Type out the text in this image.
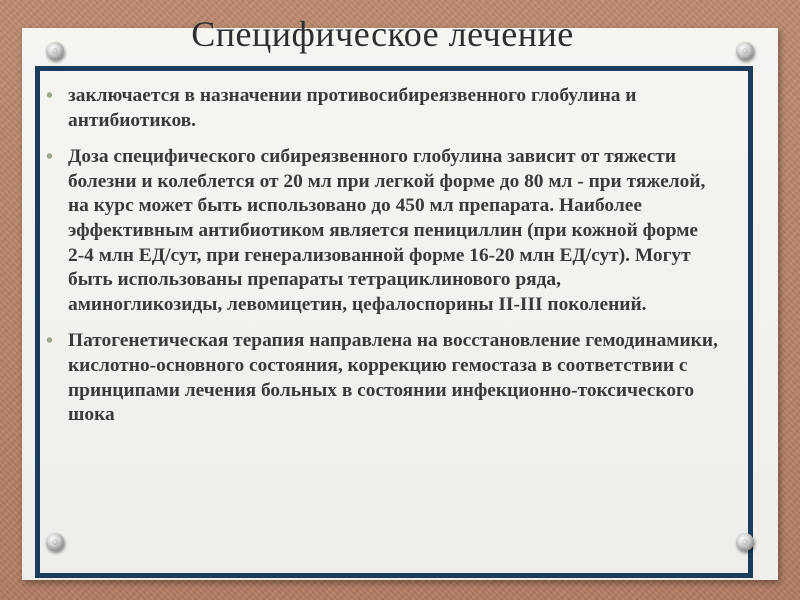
Специфическое лечение
• заключается в назначении противосибиреязвенного глобулина и антибиотиков.
• Доза специфического сибиреязвенного глобулина зависит от тяжести болезни и колеблется от 20 мл при легкой форме до 80 мл - при тяжелой, на курс может быть использовано до 450 мл препарата. Наиболее эффективным антибиотиком является пенициллин (при кожной форме 2-4 млн ЕД/сут, при генерализованной форме 16-20 млн ЕД/сут). Могут быть использованы препараты тетрациклинового ряда, аминогликозиды, левомицетин, цефалоспорины II-III поколений.
• Патогенетическая терапия направлена на восстановление гемодинамики, кислотно-основного состояния, коррекцию гемостаза в соответствии с принципами лечения больных в состоянии инфекционно-токсического шока
